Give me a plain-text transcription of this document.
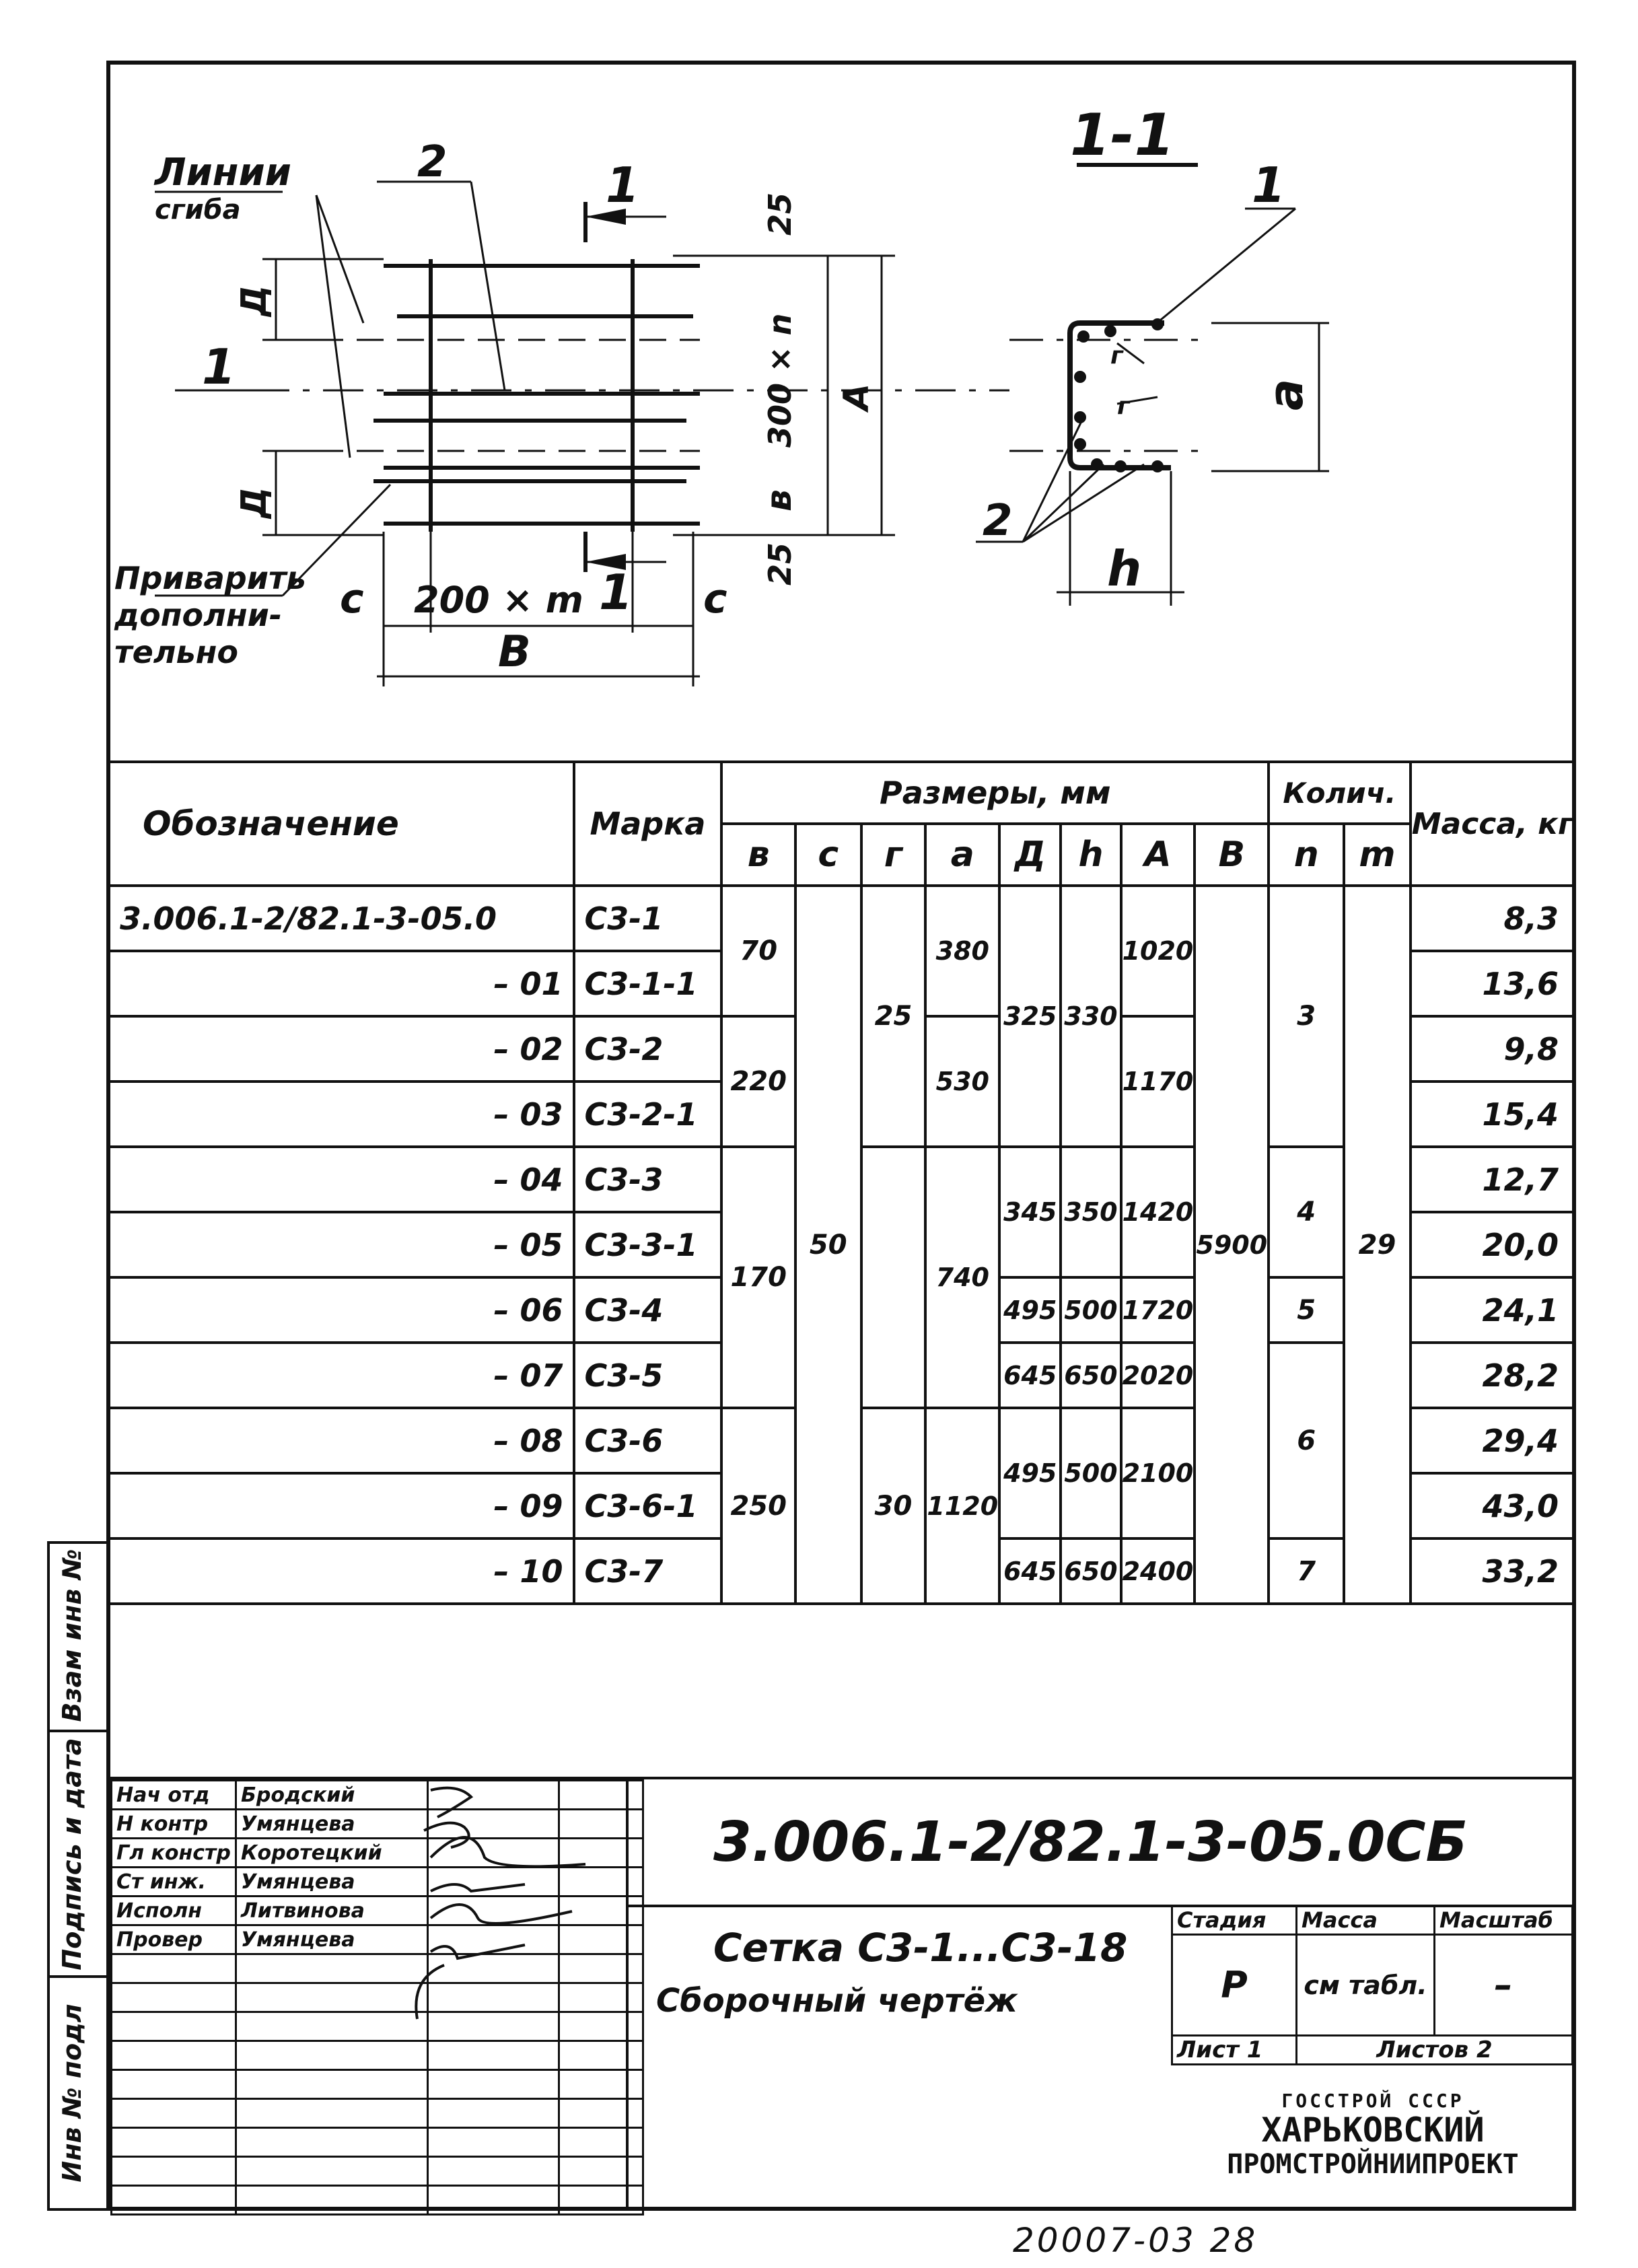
1-1
1
1
1
1
2
2
Линии
сгиба
Приварить
дополни-
тельно
с	с
200 × m
В
h
г
г	а
25
300 × n
в
25
А
Д
Д
Обозначение	Марка	Размеры, мм								Колич.		Масса, кг
		в	с	г	а	Д	h	А	В	n	m	
3.006.1-2/82.1-3-05.0	С3-1	70	50	25	380	325	330	1020	5900	3	29	8,3
– 01	С3-1-1											13,6
– 02	С3-2	220			530			1170				9,8
– 03	С3-2-1											15,4
– 04	С3-3	170			740	345	350	1420		4		12,7
– 05	С3-3-1											20,0
– 06	С3-4					495	500	1720		5		24,1
– 07	С3-5					645	650	2020		6		28,2
– 08	С3-6	250		30	1120	495	500	2100				29,4
– 09	С3-6-1											43,0
– 10	С3-7					645	650	2400		7		33,2
Взам инв №
Подпись и дата
Инв № подл
Нач отд	Бродский		
Н контр	Умянцева		
Гл констр	Коротецкий		
Ст инж.	Умянцева		
Исполн	Литвинова		
Провер	Умянцева		

3.006.1-2/82.1-3-05.0СБ
Сетка С3-1...С3-18
Сборочный чертёж
Стадия	Масса	Масштаб
Р	см табл.	–
Лист 1	Листов 2	
ГОССТРОЙ СССР
ХАРЬКОВСКИЙ
ПРОМСТРОЙНИИПРОЕКТ
20007-03 28
